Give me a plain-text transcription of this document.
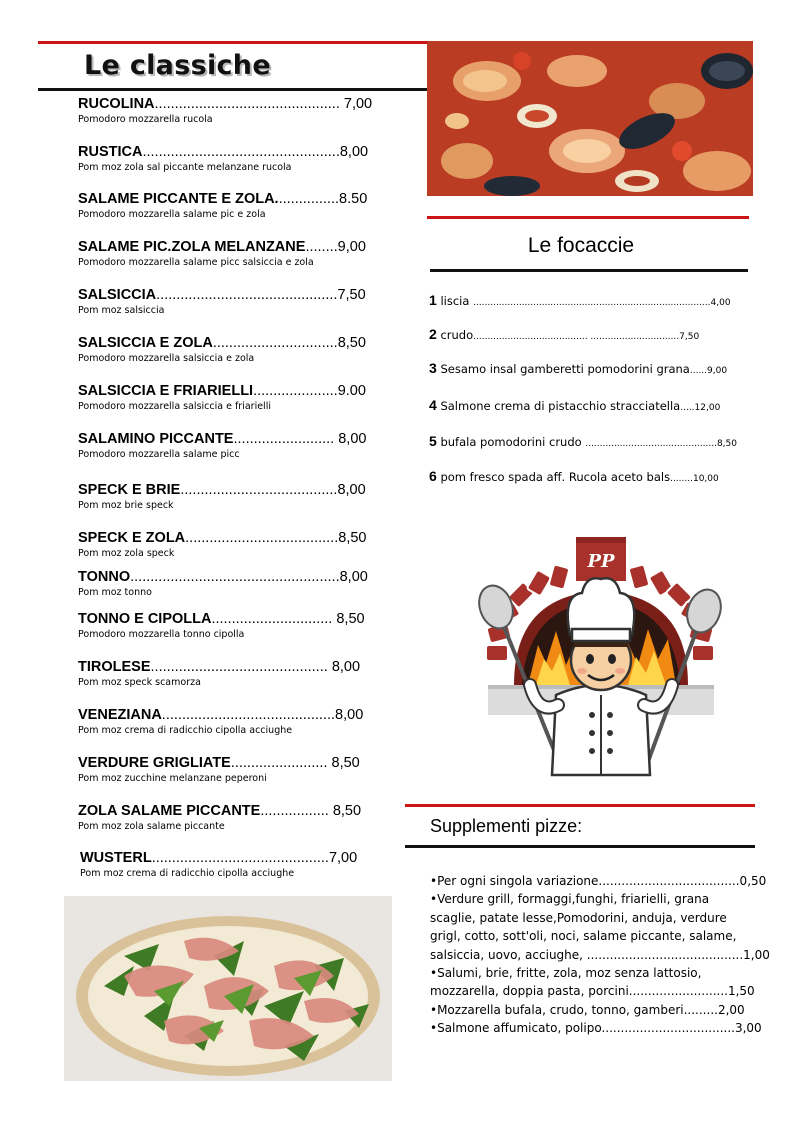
Le classiche
RUCOLINA.............................................. 7,00
Pomodoro mozzarella rucola
RUSTICA.................................................8,00
Pom moz zola sal piccante melanzane rucola
SALAME PICCANTE E ZOLA................8.50
Pomodoro mozzarella salame pic e zola
SALAME PIC.ZOLA MELANZANE........9,00
Pomodoro mozzarella salame picc salsiccia e zola
SALSICCIA.............................................7,50
Pom moz salsiccia
SALSICCIA E ZOLA...............................8,50
Pomodoro mozzarella salsiccia e zola
SALSICCIA E FRIARIELLI.....................9.00
Pomodoro mozzarella salsiccia e friarielli
SALAMINO PICCANTE......................... 8,00
Pomodoro mozzarella salame picc
SPECK E BRIE.......................................8,00
Pom moz brie speck
SPECK E ZOLA......................................8,50
Pom moz zola speck
TONNO....................................................8,00
Pom moz tonno
TONNO E CIPOLLA.............................. 8,50
Pomodoro mozzarella tonno cipolla
TIROLESE............................................ 8,00
Pom moz speck scamorza
VENEZIANA...........................................8,00
Pom moz crema di radicchio cipolla acciughe
VERDURE GRIGLIATE........................ 8,50
Pom moz zucchine melanzane peperoni
ZOLA SALAME PICCANTE................. 8,50
Pom moz zola salame piccante
WUSTERL............................................7,00
Pom moz crema di radicchio cipolla acciughe
Le focaccie
1 liscia ...................................................................................4,00
2 crudo........................................ ...............................7,50
3 Sesamo insal gamberetti pomodorini grana......9,00
4 Salmone crema di pistacchio stracciatella.....12,00
5 bufala pomodorini crudo ..............................................8,50
6 pom fresco spada aff. Rucola aceto bals........10,00
PP
Supplementi pizze:
•Per ogni singola variazione.....................................0,50
•Verdure grill, formaggi,funghi, friarielli, grana
scaglie, patate lesse,Pomodorini, anduja, verdure
grigl, cotto, sott'oli, noci, salame piccante, salame,
salsiccia, uovo, acciughe, .........................................1,00
•Salumi, brie, fritte, zola, moz senza lattosio,
mozzarella, doppia pasta, porcini..........................1,50
•Mozzarella bufala, crudo, tonno, gamberi.........2,00
•Salmone affumicato, polipo...................................3,00
